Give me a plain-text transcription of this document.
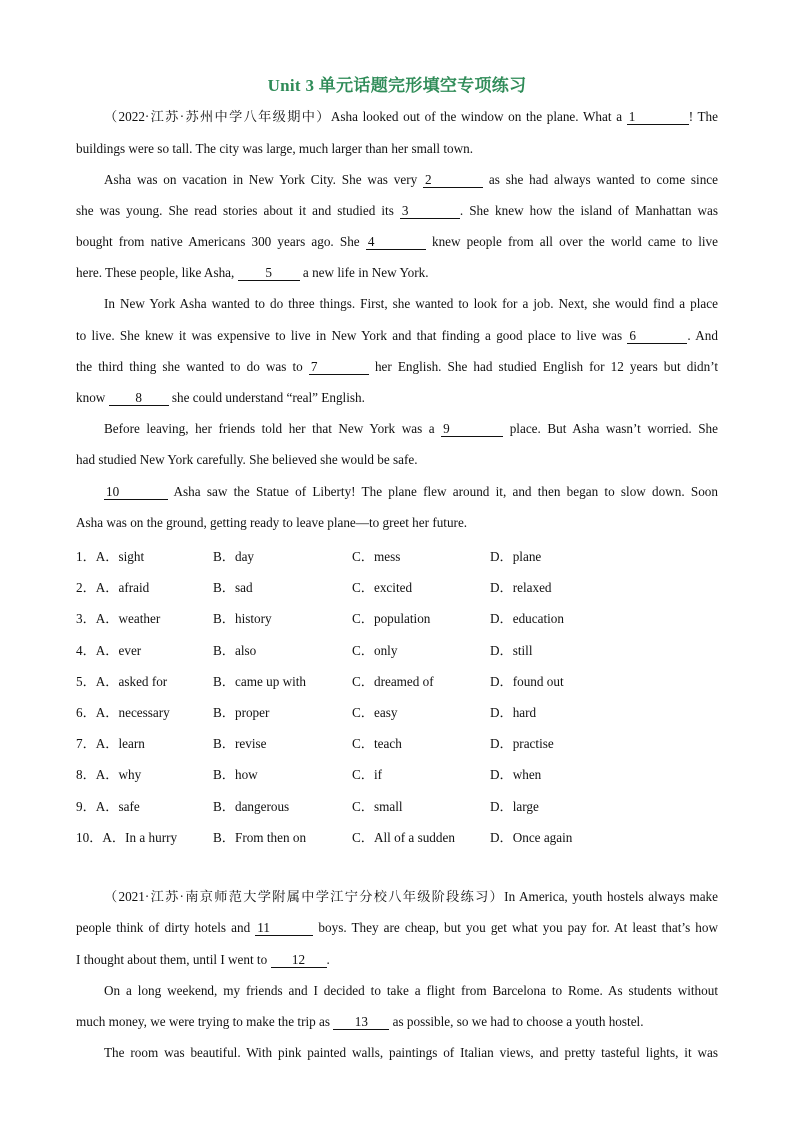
Unit 3 单元话题完形填空专项练习
（2022·江苏·苏州中学八年级期中）Asha looked out of the window on the plane. What a 1	! The
buildings were so tall. The city was large, much larger than her small town.
Asha was on vacation in New York City. She was very 2	as she had always wanted to come since
she was young. She read stories about it and studied its 3	. She knew how the island of Manhattan was
bought from native Americans 300 years ago. She 4	knew people from all over the world came to live
here. These people, like Asha, 5 a new life in New York.
In New York Asha wanted to do three things. First, she wanted to look for a job. Next, she would find a place
to live. She knew it was expensive to live in New York and that finding a good place to live was 6	. And
the third thing she wanted to do was to 7	her English. She had studied English for 12 years but didn’t
know 8 she could understand “real” English.
Before leaving, her friends told her that New York was a 9	place. But Asha wasn’t worried. She
had studied New York carefully. She believed she would be safe.
10	Asha saw the Statue of Liberty! The plane flew around it, and then began to slow down. Soon
Asha was on the ground, getting ready to leave plane—to greet her future.
1．A．sight	B．day	C．mess	D．plane
2．A．afraid	B．sad	C．excited	D．relaxed
3．A．weather	B．history	C．population	D．education
4．A．ever	B．also	C．only	D．still
5．A．asked for	B．came up with	C．dreamed of	D．found out
6．A．necessary	B．proper	C．easy	D．hard
7．A．learn	B．revise	C．teach	D．practise
8．A．why	B．how	C．if	D．when
9．A．safe	B．dangerous	C．small	D．large
10．A．In a hurry	B．From then on	C．All of a sudden	D．Once again
（2021·江苏·南京师范大学附属中学江宁分校八年级阶段练习）In America, youth hostels always make
people think of dirty hotels and 11	boys. They are cheap, but you get what you pay for. At least that’s how
I thought about them, until I went to 12 .
On a long weekend, my friends and I decided to take a flight from Barcelona to Rome. As students without
much money, we were trying to make the trip as 13 as possible, so we had to choose a youth hostel.
The room was beautiful. With pink painted walls, paintings of Italian views, and pretty tasteful lights, it was
